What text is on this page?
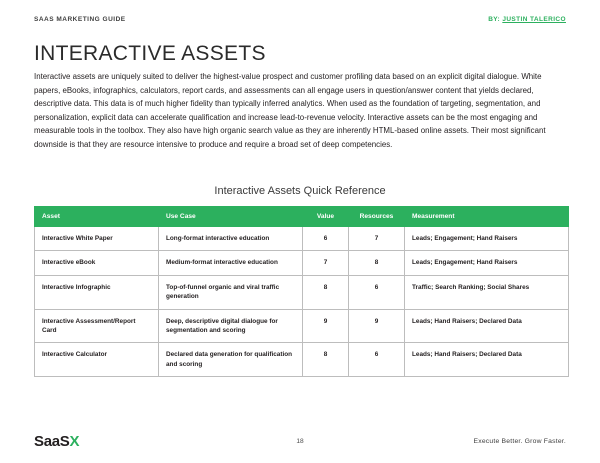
SAAS MARKETING GUIDE	BY: JUSTIN TALERICO
INTERACTIVE ASSETS
Interactive assets are uniquely suited to deliver the highest-value prospect and customer profiling data based on an explicit digital dialogue. White papers, eBooks, infographics, calculators, report cards, and assessments can all engage users in question/answer content that yields declared, descriptive data. This data is of much higher fidelity than typically inferred analytics. When used as the foundation of targeting, segmentation, and personalization, explicit data can accelerate qualification and increase lead-to-revenue velocity. Interactive assets can be the most engaging and measurable tools in the toolbox. They also have high organic search value as they are inherently HTML-based online assets. Their most significant downside is that they are resource intensive to produce and require a broad set of deep competencies.
Interactive Assets Quick Reference
Asset	Use Case	Value	Resources	Measurement
Interactive White Paper	Long-format interactive education	6	7	Leads; Engagement; Hand Raisers
Interactive eBook	Medium-format interactive education	7	8	Leads; Engagement; Hand Raisers
Interactive Infographic	Top-of-funnel organic and viral traffic generation	8	6	Traffic; Search Ranking; Social Shares
Interactive Assessment/Report Card	Deep, descriptive digital dialogue for segmentation and scoring	9	9	Leads; Hand Raisers; Declared Data
Interactive Calculator	Declared data generation for qualification and scoring	8	6	Leads; Hand Raisers; Declared Data
SaaS X	18	Execute Better. Grow Faster.
